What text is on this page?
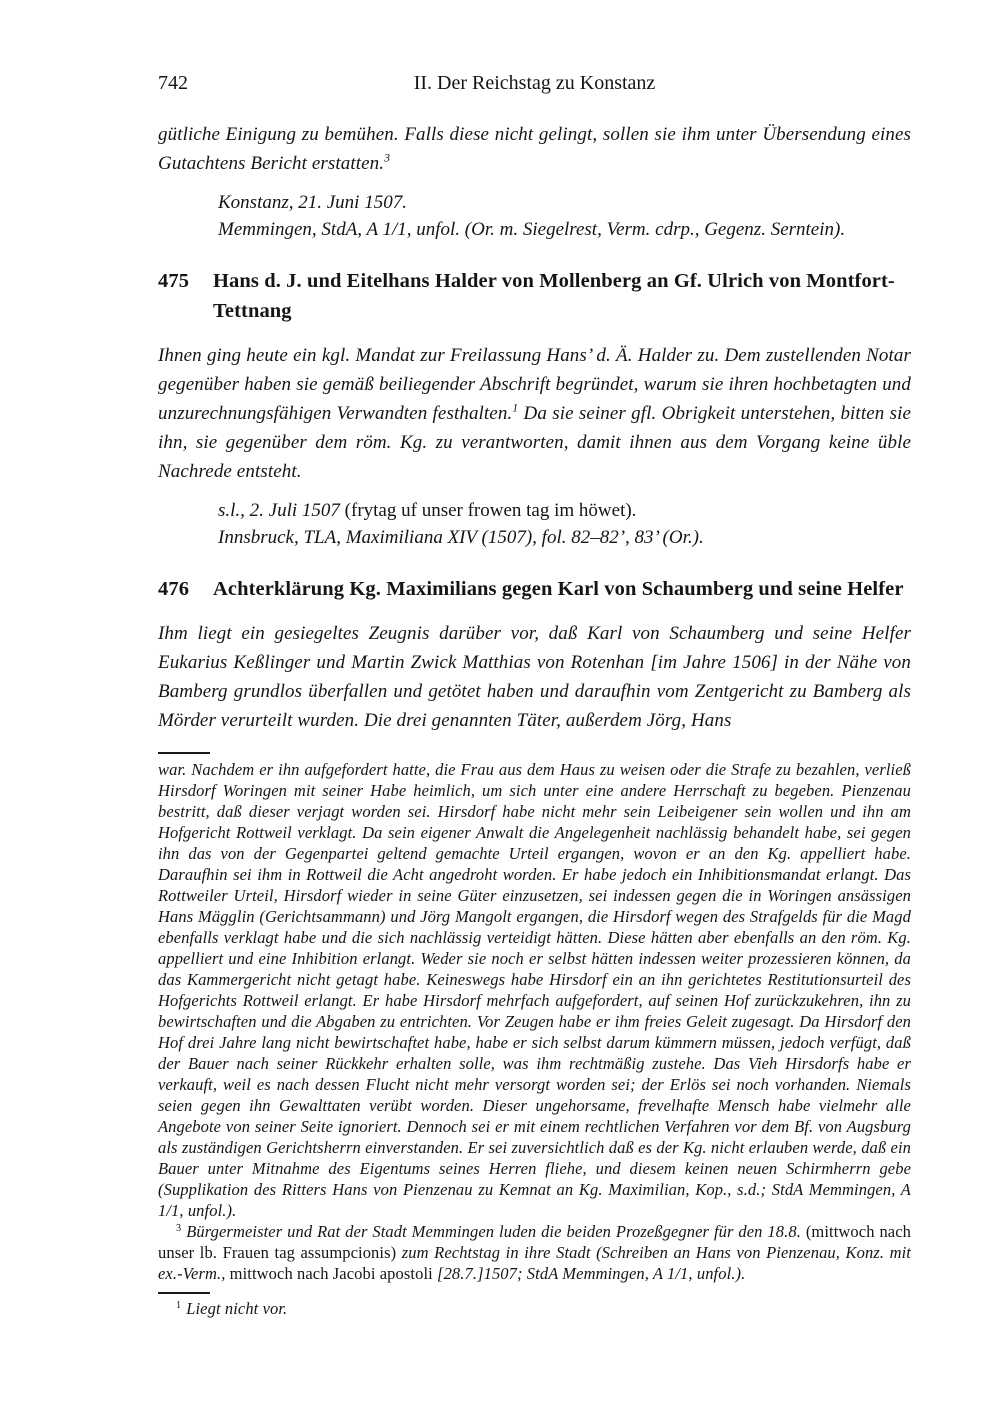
742	II. Der Reichstag zu Konstanz

gütliche Einigung zu bemühen. Falls diese nicht gelingt, sollen sie ihm unter Übersendung eines Gutachtens Bericht erstatten.$^3$

Konstanz, 21. Juni 1507.
Memmingen, StdA, A 1/1, unfol. (Or. m. Siegelrest, Verm. cdrp., Gegenz. Serntein).
475 Hans d. J. und Eitelhans Halder von Mollenberg an Gf. Ulrich von Montfort-Tettnang

Ihnen ging heute ein kgl. Mandat zur Freilassung Hans’ d. Ä. Halder zu. Dem zustellenden Notar gegenüber haben sie gemäß beiliegender Abschrift begründet, warum sie ihren hochbetagten und unzurechnungsfähigen Verwandten festhalten.$^1$ Da sie seiner gfl. Obrigkeit unterstehen, bitten sie ihn, sie gegenüber dem röm. Kg. zu verantworten, damit ihnen aus dem Vorgang keine üble Nachrede entsteht.

s.l., 2. Juli 1507 (frytag uf unser frowen tag im höwet).
Innsbruck, TLA, Maximiliana XIV (1507), fol. 82–82’, 83’ (Or.).
476 Achterklärung Kg. Maximilians gegen Karl von Schaumberg und seine Helfer

Ihm liegt ein gesiegeltes Zeugnis darüber vor, daß Karl von Schaumberg und seine Helfer Eukarius Keßlinger und Martin Zwick Matthias von Rotenhan [im Jahre 1506] in der Nähe von Bamberg grundlos überfallen und getötet haben und daraufhin vom Zentgericht zu Bamberg als Mörder verurteilt wurden. Die drei genannten Täter, außerdem Jörg, Hans

war. Nachdem er ihn aufgefordert hatte, die Frau aus dem Haus zu weisen oder die Strafe zu bezahlen, verließ Hirsdorf Woringen mit seiner Habe heimlich, um sich unter eine andere Herrschaft zu begeben. Pienzenau bestritt, daß dieser verjagt worden sei. Hirsdorf habe nicht mehr sein Leibeigener sein wollen und ihn am Hofgericht Rottweil verklagt. Da sein eigener Anwalt die Angelegenheit nachlässig behandelt habe, sei gegen ihn das von der Gegenpartei geltend gemachte Urteil ergangen, wovon er an den Kg. appelliert habe. Daraufhin sei ihm in Rottweil die Acht angedroht worden. Er habe jedoch ein Inhibitionsmandat erlangt. Das Rottweiler Urteil, Hirsdorf wieder in seine Güter einzusetzen, sei indessen gegen die in Woringen ansässigen Hans Mägglin (Gerichtsammann) und Jörg Mangolt ergangen, die Hirsdorf wegen des Strafgelds für die Magd ebenfalls verklagt habe und die sich nachlässig verteidigt hätten. Diese hätten aber ebenfalls an den röm. Kg. appelliert und eine Inhibition erlangt. Weder sie noch er selbst hätten indessen weiter prozessieren können, da das Kammergericht nicht getagt habe. Keineswegs habe Hirsdorf ein an ihn gerichtetes Restitutionsurteil des Hofgerichts Rottweil erlangt. Er habe Hirsdorf mehrfach aufgefordert, auf seinen Hof zurückzukehren, ihn zu bewirtschaften und die Abgaben zu entrichten. Vor Zeugen habe er ihm freies Geleit zugesagt. Da Hirsdorf den Hof drei Jahre lang nicht bewirtschaftet habe, habe er sich selbst darum kümmern müssen, jedoch verfügt, daß der Bauer nach seiner Rückkehr erhalten solle, was ihm rechtmäßig zustehe. Das Vieh Hirsdorfs habe er verkauft, weil es nach dessen Flucht nicht mehr versorgt worden sei; der Erlös sei noch vorhanden. Niemals seien gegen ihn Gewalttaten verübt worden. Dieser ungehorsame, frevelhafte Mensch habe vielmehr alle Angebote von seiner Seite ignoriert. Dennoch sei er mit einem rechtlichen Verfahren vor dem Bf. von Augsburg als zuständigen Gerichtsherrn einverstanden. Er sei zuversichtlich daß es der Kg. nicht erlauben werde, daß ein Bauer unter Mitnahme des Eigentums seines Herren fliehe, und diesem keinen neuen Schirmherrn gebe (Supplikation des Ritters Hans von Pienzenau zu Kemnat an Kg. Maximilian, Kop., s.d.; StdA Memmingen, A 1/1, unfol.).

$^3$ Bürgermeister und Rat der Stadt Memmingen luden die beiden Prozeßgegner für den 18.8. (mittwoch nach unser lb. Frauen tag assumpcionis) zum Rechtstag in ihre Stadt (Schreiben an Hans von Pienzenau, Konz. mit ex.-Verm., mittwoch nach Jacobi apostoli [28.7.]1507; StdA Memmingen, A 1/1, unfol.).

$^1$ Liegt nicht vor.
